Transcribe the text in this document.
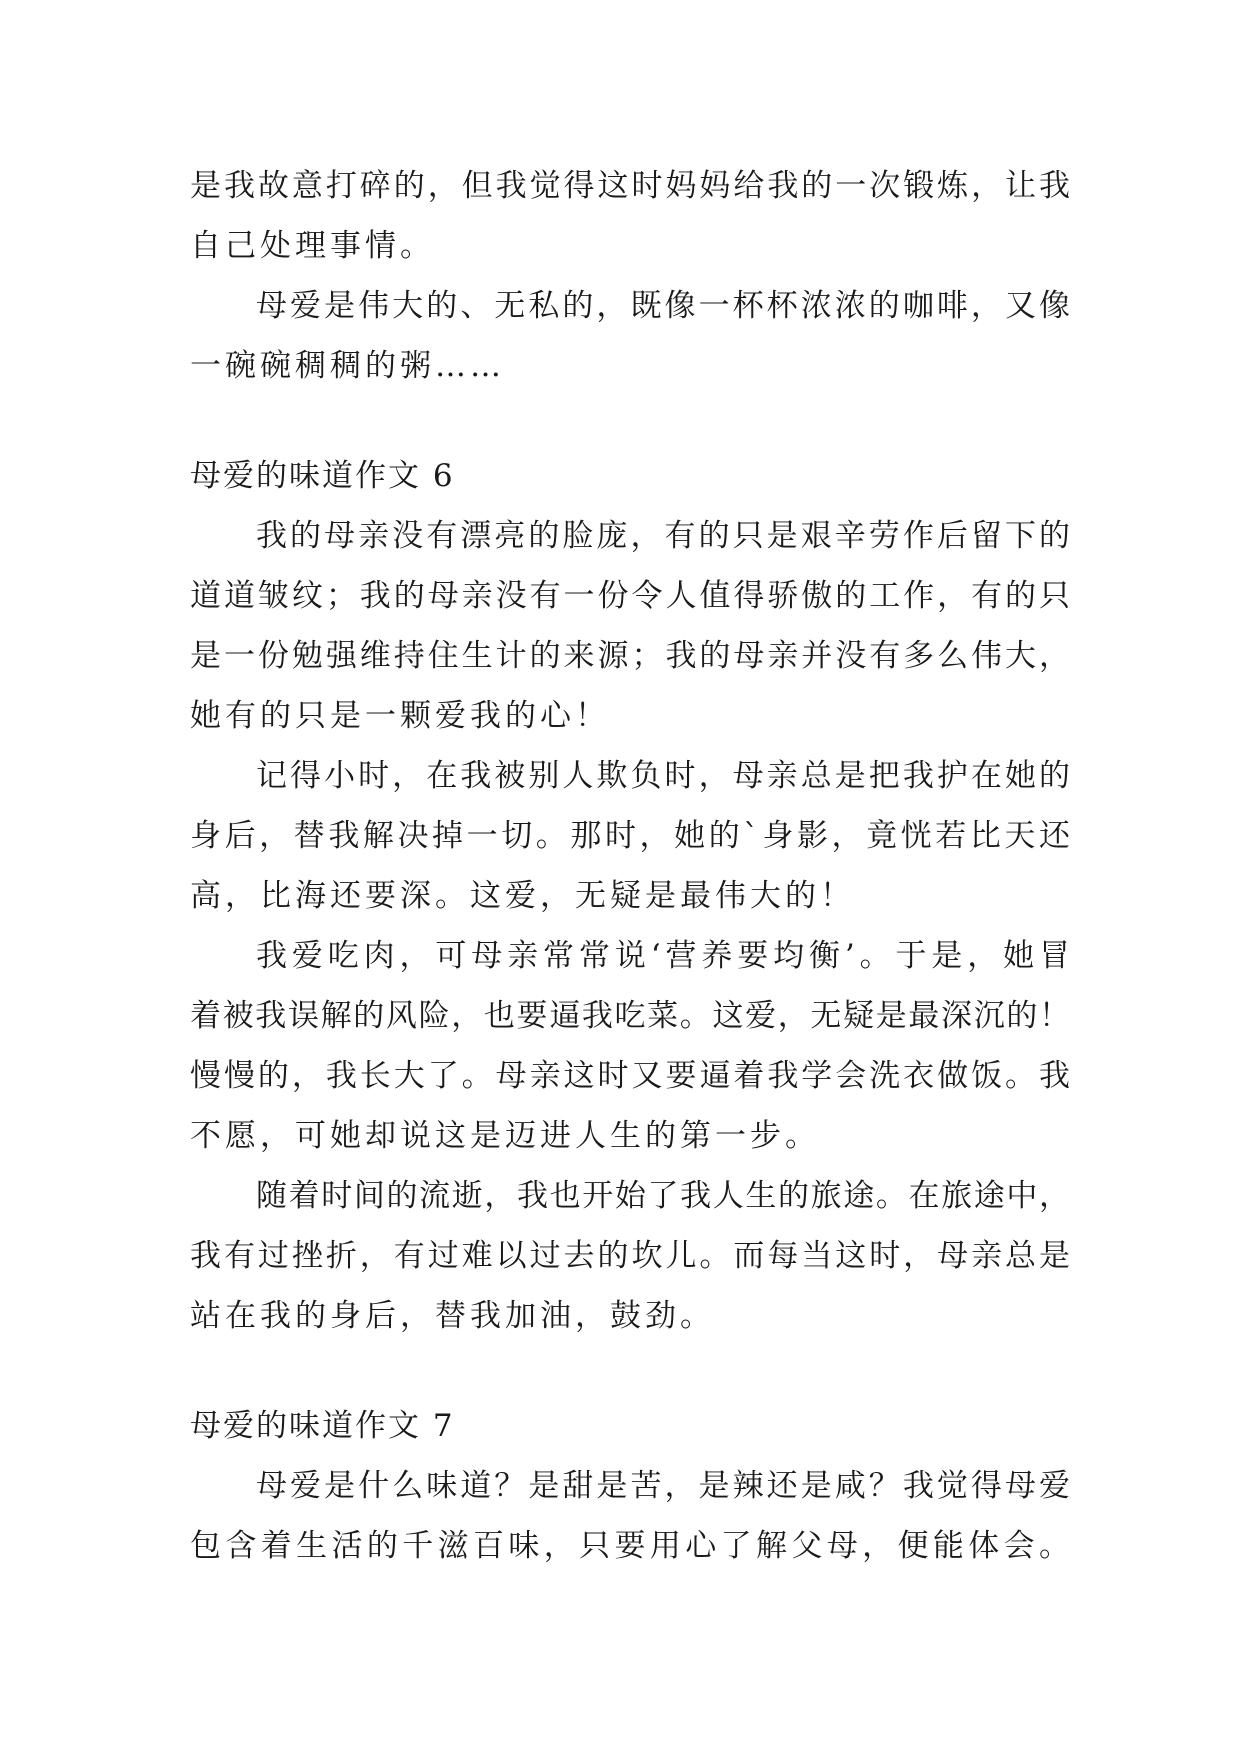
是我故意打碎的，但我觉得这时妈妈给我的一次锻炼，让我
自己处理事情。
母爱是伟大的、无私的，既像一杯杯浓浓的咖啡，又像
一碗碗稠稠的粥……
母爱的味道作文 6
我的母亲没有漂亮的脸庞，有的只是艰辛劳作后留下的
道道皱纹；我的母亲没有一份令人值得骄傲的工作，有的只
是一份勉强维持住生计的来源；我的母亲并没有多么伟大，
她有的只是一颗爱我的心！
记得小时，在我被别人欺负时，母亲总是把我护在她的
身后，替我解决掉一切。那时，她的`身影，竟恍若比天还
高，比海还要深。这爱，无疑是最伟大的！
我爱吃肉，可母亲常常说‘营养要均衡’。于是，她冒
着被我误解的风险，也要逼我吃菜。这爱，无疑是最深沉的！
慢慢的，我长大了。母亲这时又要逼着我学会洗衣做饭。我
不愿，可她却说这是迈进人生的第一步。
随着时间的流逝，我也开始了我人生的旅途。在旅途中，
我有过挫折，有过难以过去的坎儿。而每当这时，母亲总是
站在我的身后，替我加油，鼓劲。
母爱的味道作文 7
母爱是什么味道？是甜是苦，是辣还是咸？我觉得母爱
包含着生活的千滋百味，只要用心了解父母，便能体会。
